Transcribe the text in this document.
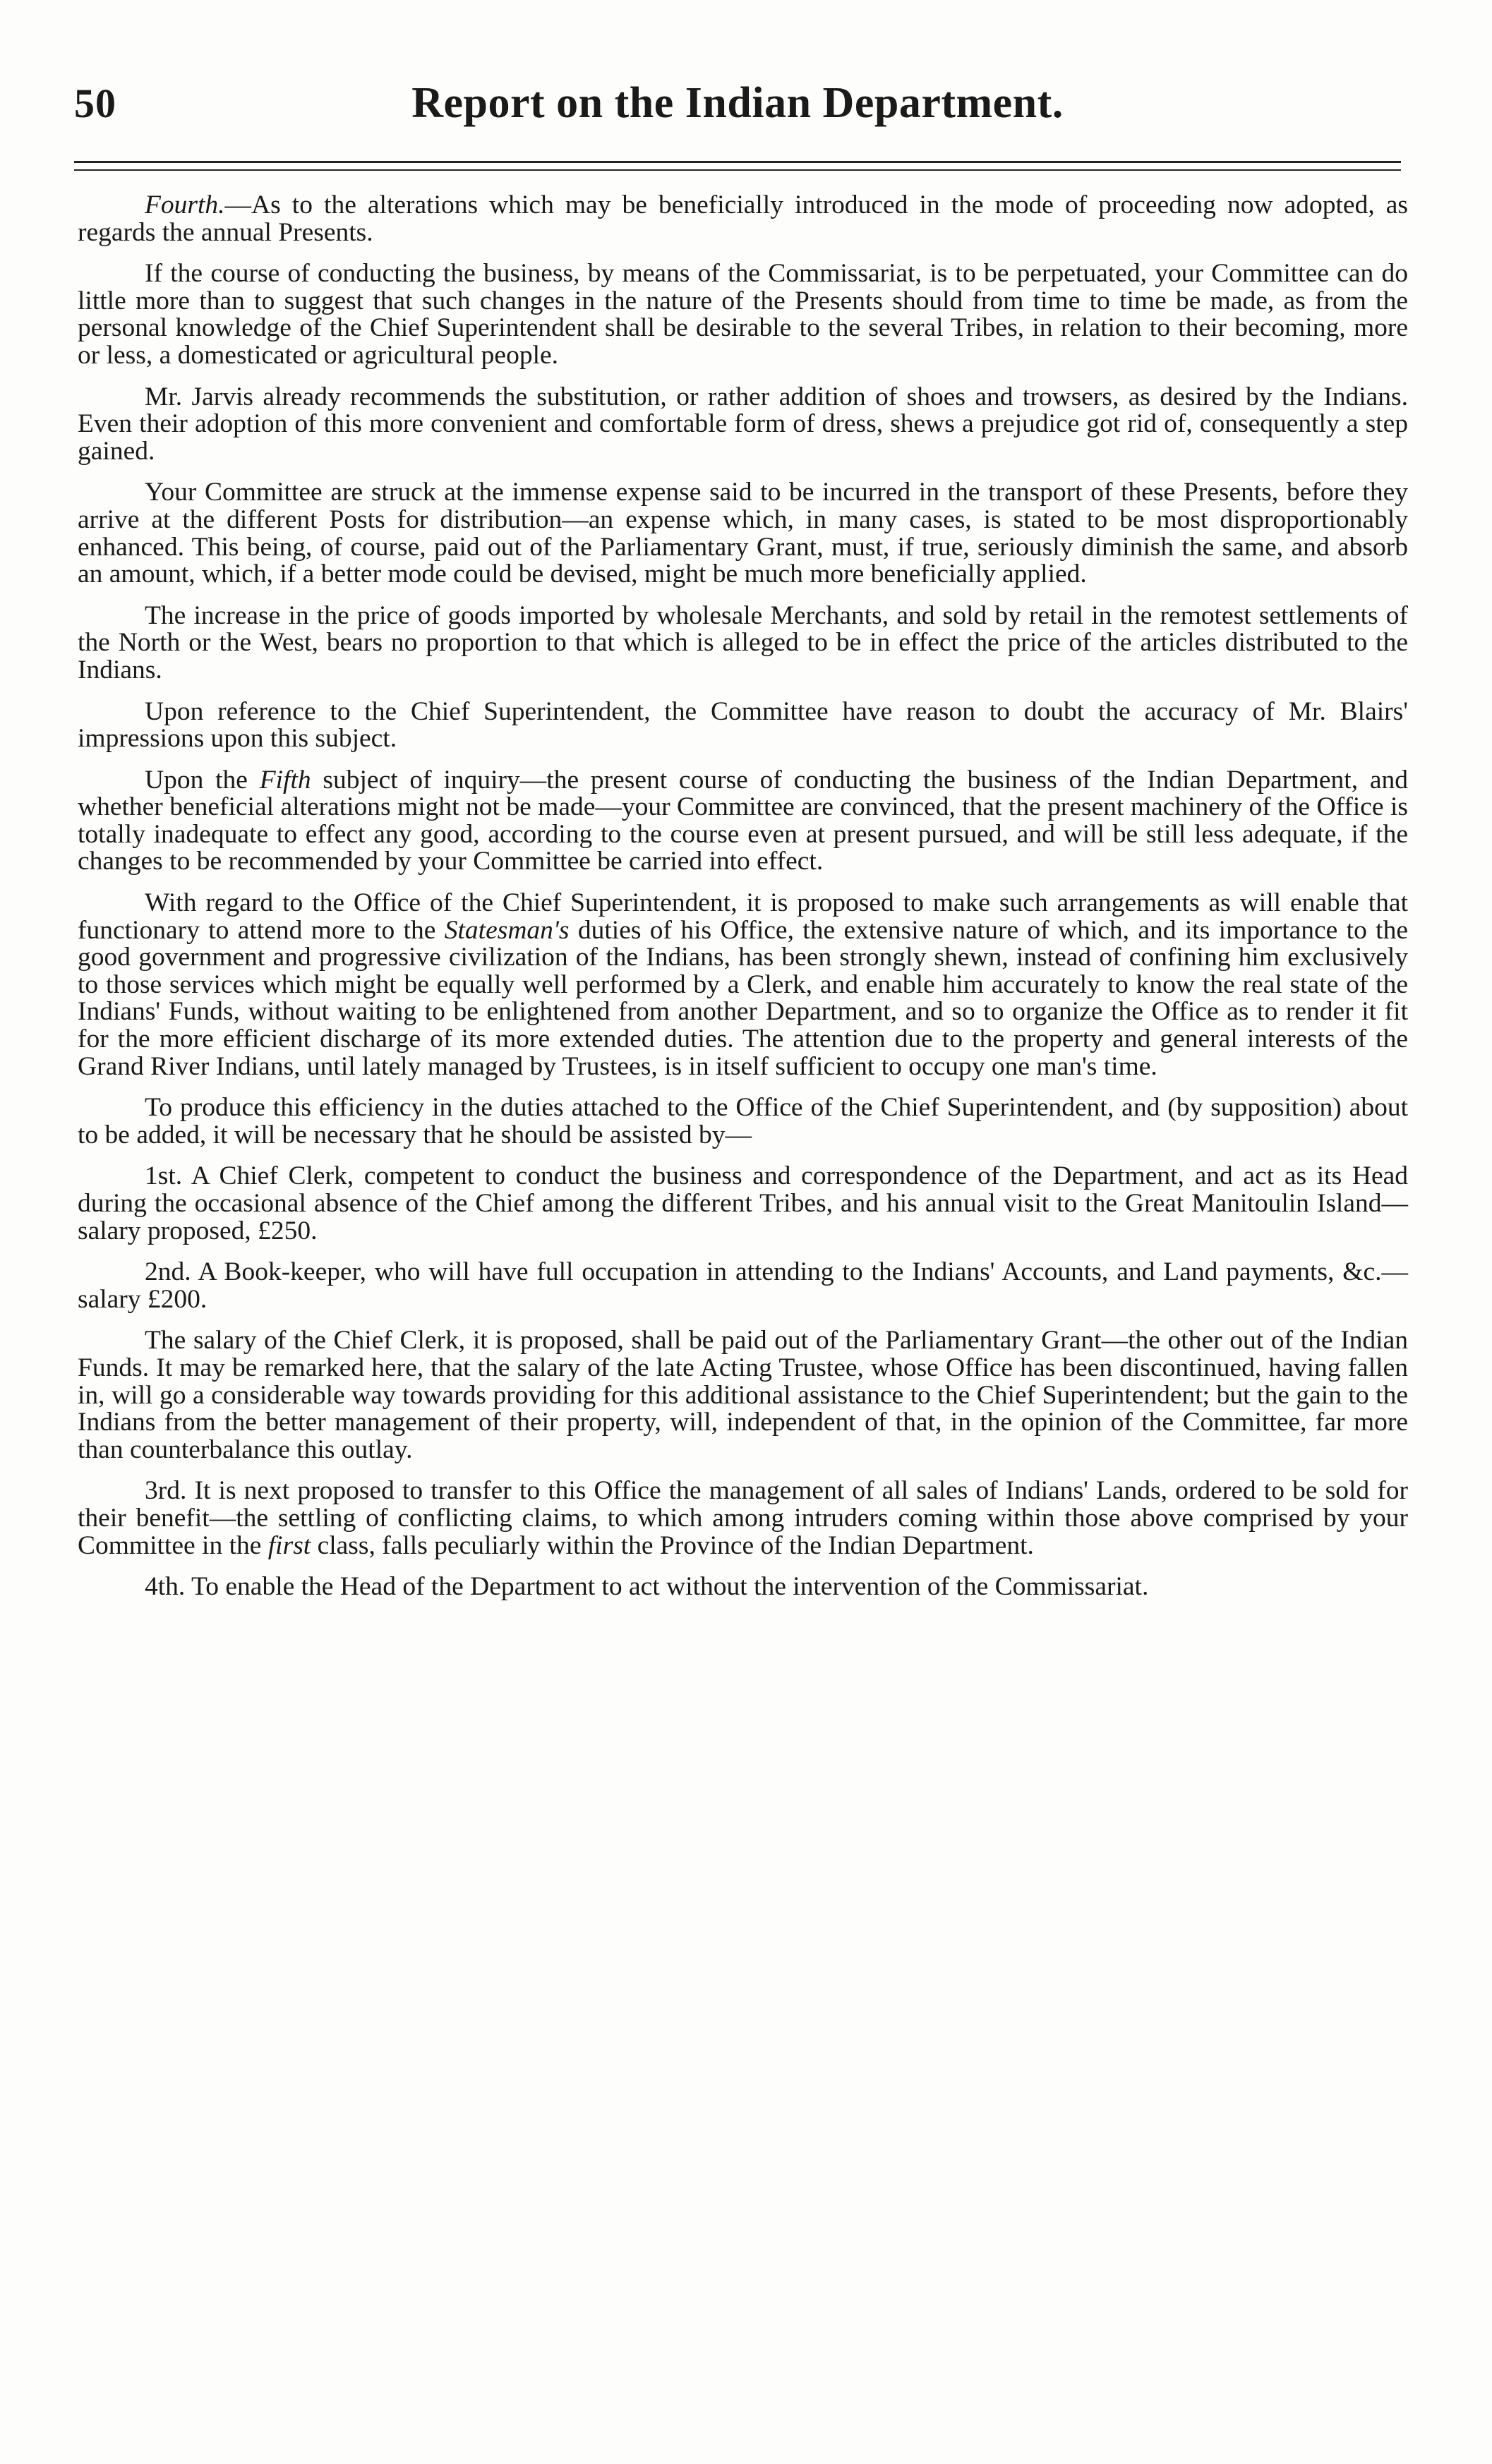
50	Report on the Indian Department.

Fourth.—As to the alterations which may be beneficially introduced in the mode of proceeding now adopted, as regards the annual Presents.

If the course of conducting the business, by means of the Commissariat, is to be perpetuated, your Committee can do little more than to suggest that such changes in the nature of the Presents should from time to time be made, as from the personal knowledge of the Chief Superintendent shall be desirable to the several Tribes, in relation to their becoming, more or less, a domesticated or agricultural people.

Mr. Jarvis already recommends the substitution, or rather addition of shoes and trowsers, as desired by the Indians. Even their adoption of this more convenient and comfortable form of dress, shews a prejudice got rid of, consequently a step gained.

Your Committee are struck at the immense expense said to be incurred in the transport of these Presents, before they arrive at the different Posts for distribution—an expense which, in many cases, is stated to be most disproportionably enhanced. This being, of course, paid out of the Parliamentary Grant, must, if true, seriously diminish the same, and absorb an amount, which, if a better mode could be devised, might be much more beneficially applied.

The increase in the price of goods imported by wholesale Merchants, and sold by retail in the remotest settlements of the North or the West, bears no proportion to that which is alleged to be in effect the price of the articles distributed to the Indians.

Upon reference to the Chief Superintendent, the Committee have reason to doubt the accuracy of Mr. Blairs' impressions upon this subject.

Upon the Fifth subject of inquiry—the present course of conducting the business of the Indian Department, and whether beneficial alterations might not be made—your Committee are convinced, that the present machinery of the Office is totally inadequate to effect any good, according to the course even at present pursued, and will be still less adequate, if the changes to be recommended by your Committee be carried into effect.

With regard to the Office of the Chief Superintendent, it is proposed to make such arrangements as will enable that functionary to attend more to the Statesman's duties of his Office, the extensive nature of which, and its importance to the good government and progressive civilization of the Indians, has been strongly shewn, instead of confining him exclusively to those services which might be equally well performed by a Clerk, and enable him accurately to know the real state of the Indians' Funds, without waiting to be enlightened from another Department, and so to organize the Office as to render it fit for the more efficient discharge of its more extended duties. The attention due to the property and general interests of the Grand River Indians, until lately managed by Trustees, is in itself sufficient to occupy one man's time.

To produce this efficiency in the duties attached to the Office of the Chief Superintendent, and (by supposition) about to be added, it will be necessary that he should be assisted by—

1st. A Chief Clerk, competent to conduct the business and correspondence of the Department, and act as its Head during the occasional absence of the Chief among the different Tribes, and his annual visit to the Great Manitoulin Island—salary proposed, £250.

2nd. A Book-keeper, who will have full occupation in attending to the Indians' Accounts, and Land payments, &c.—salary £200.

The salary of the Chief Clerk, it is proposed, shall be paid out of the Parliamentary Grant—the other out of the Indian Funds. It may be remarked here, that the salary of the late Acting Trustee, whose Office has been discontinued, having fallen in, will go a considerable way towards providing for this additional assistance to the Chief Superintendent; but the gain to the Indians from the better management of their property, will, independent of that, in the opinion of the Committee, far more than counterbalance this outlay.

3rd. It is next proposed to transfer to this Office the management of all sales of Indians' Lands, ordered to be sold for their benefit—the settling of conflicting claims, to which among intruders coming within those above comprised by your Committee in the first class, falls peculiarly within the Province of the Indian Department.

4th. To enable the Head of the Department to act without the intervention of the Commissariat.
